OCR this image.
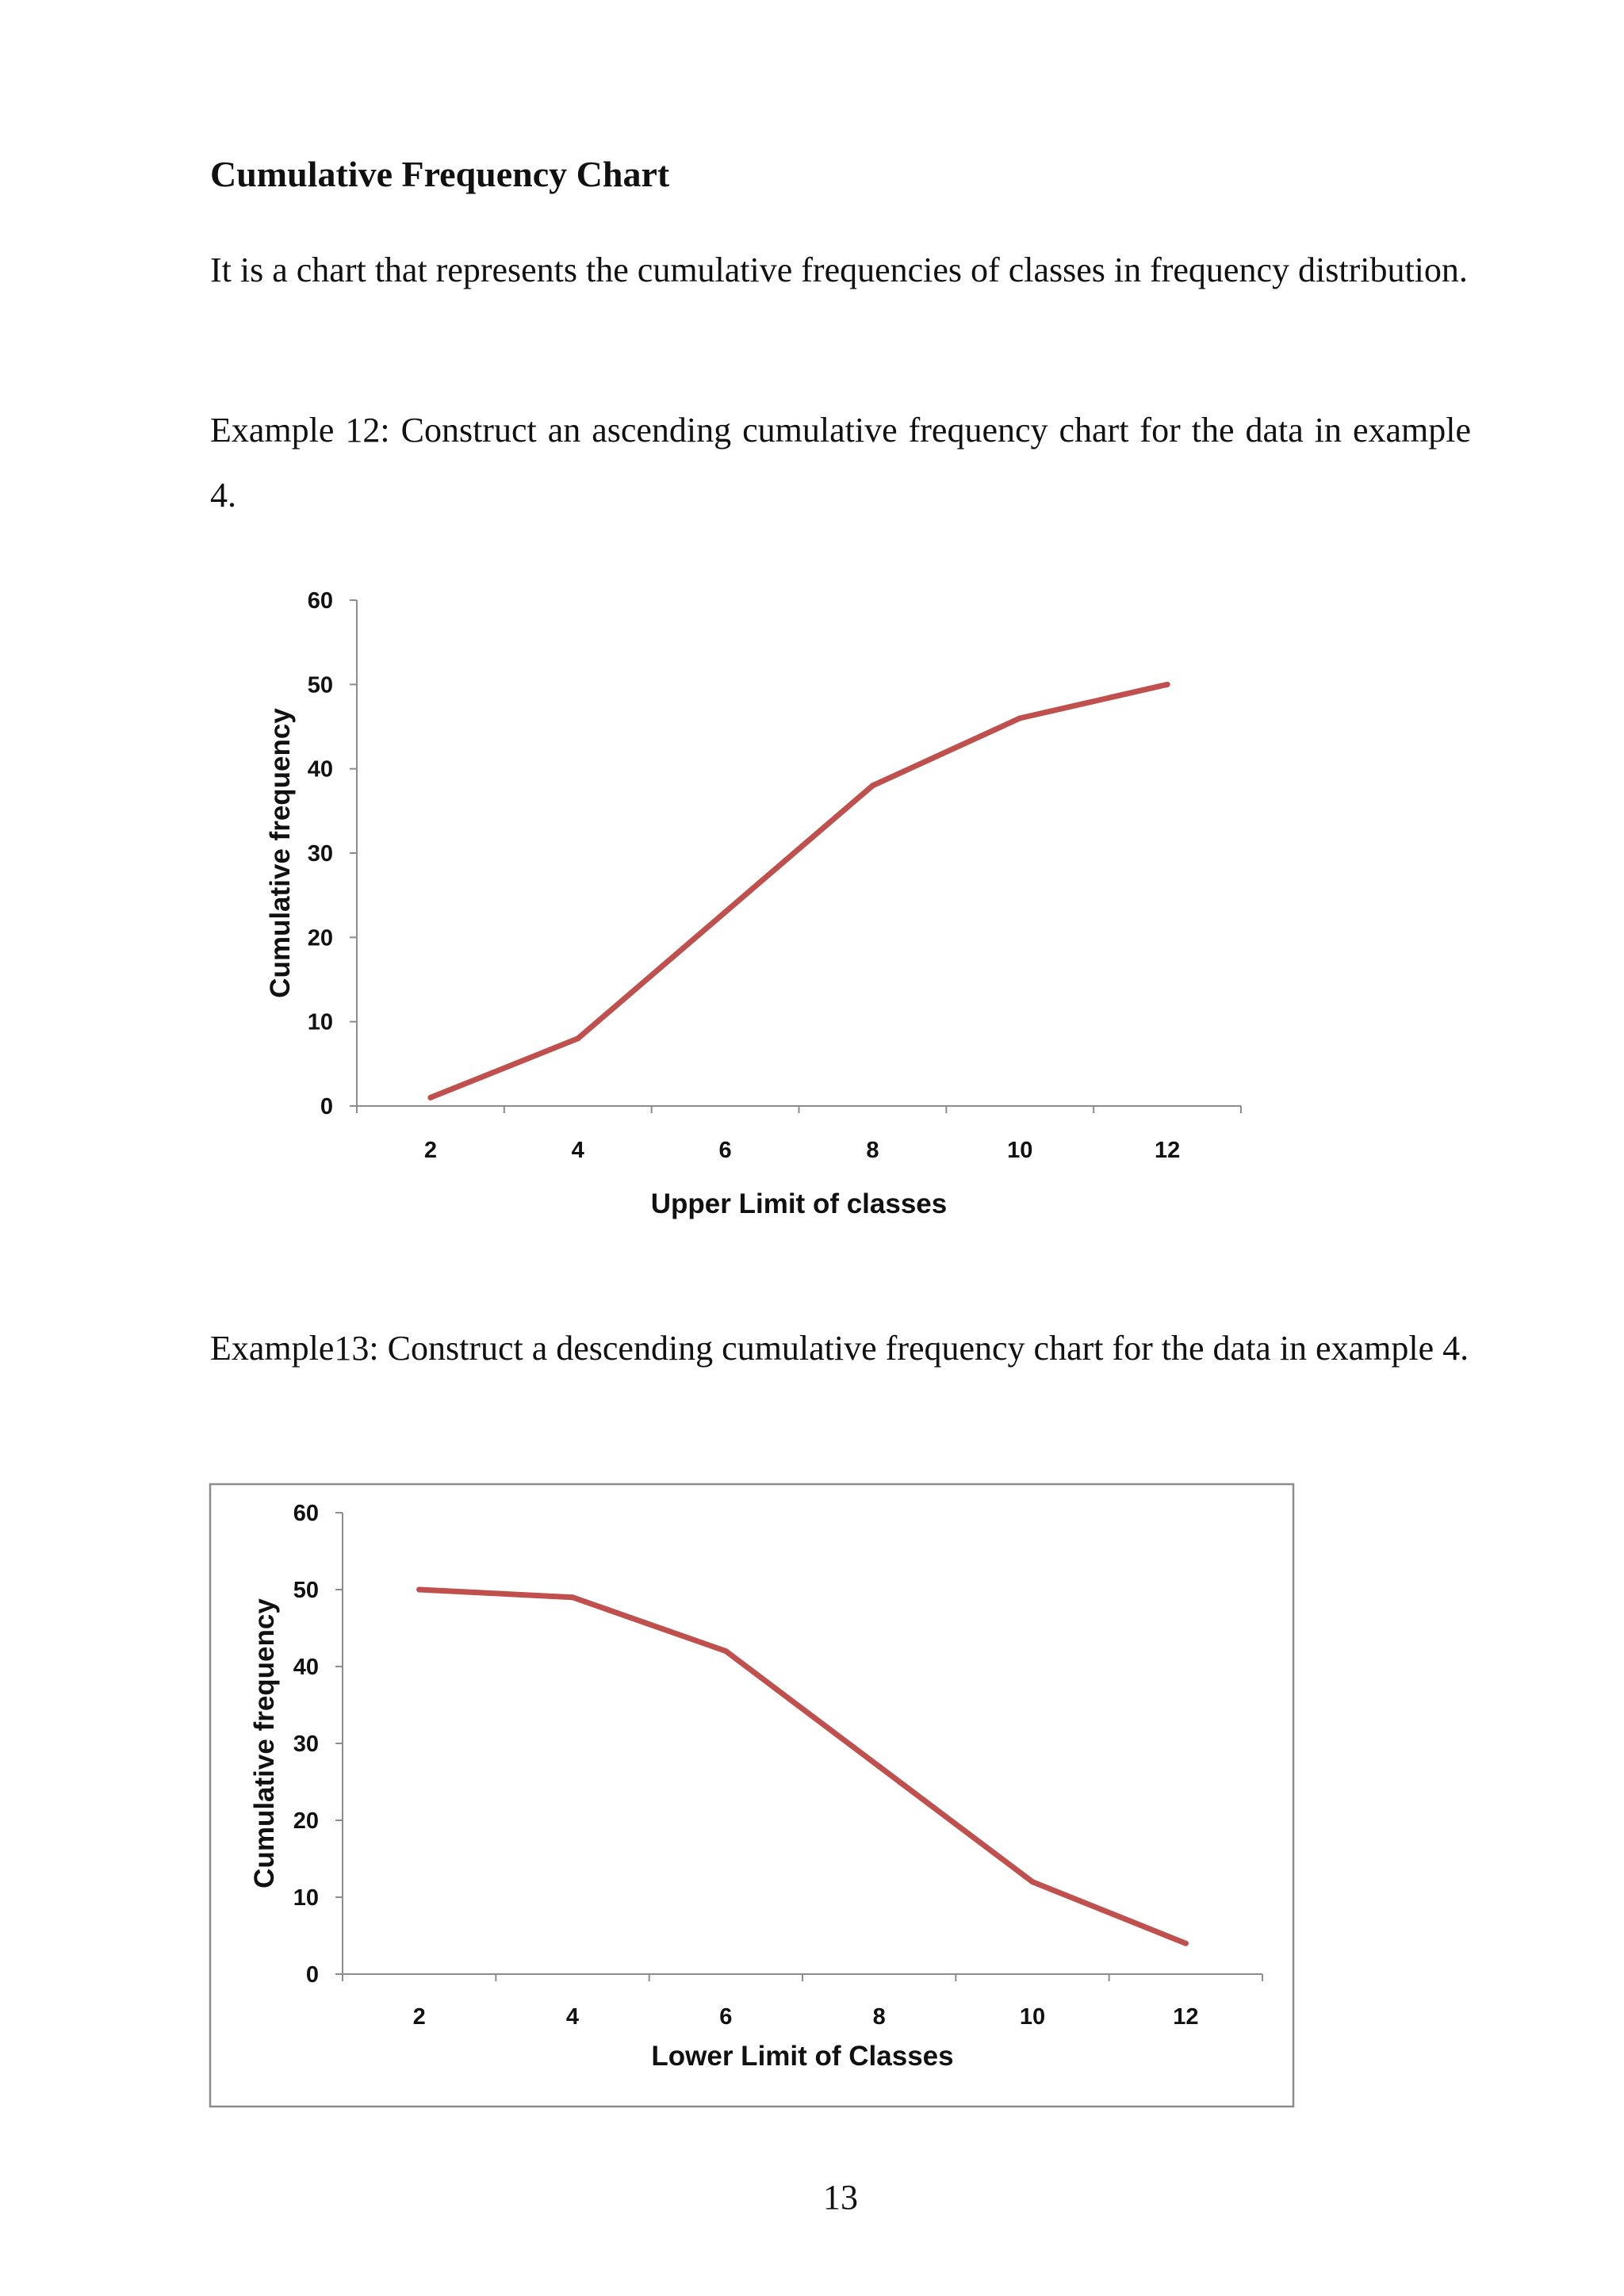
Cumulative Frequency Chart
It is a chart that represents the cumulative frequencies of classes in frequency distribution.
Example 12: Construct an ascending cumulative frequency chart for the data in example 4.
0
10
20
30
40
50
60
2	4	6	8	10	12
Upper Limit of classes
Cumulative frequency
Example13: Construct a descending cumulative frequency chart for the data in example 4.
0
10
20
30
40
50
60
2	4	6	8	10	12
Lower Limit of Classes
Cumulative frequency
13
